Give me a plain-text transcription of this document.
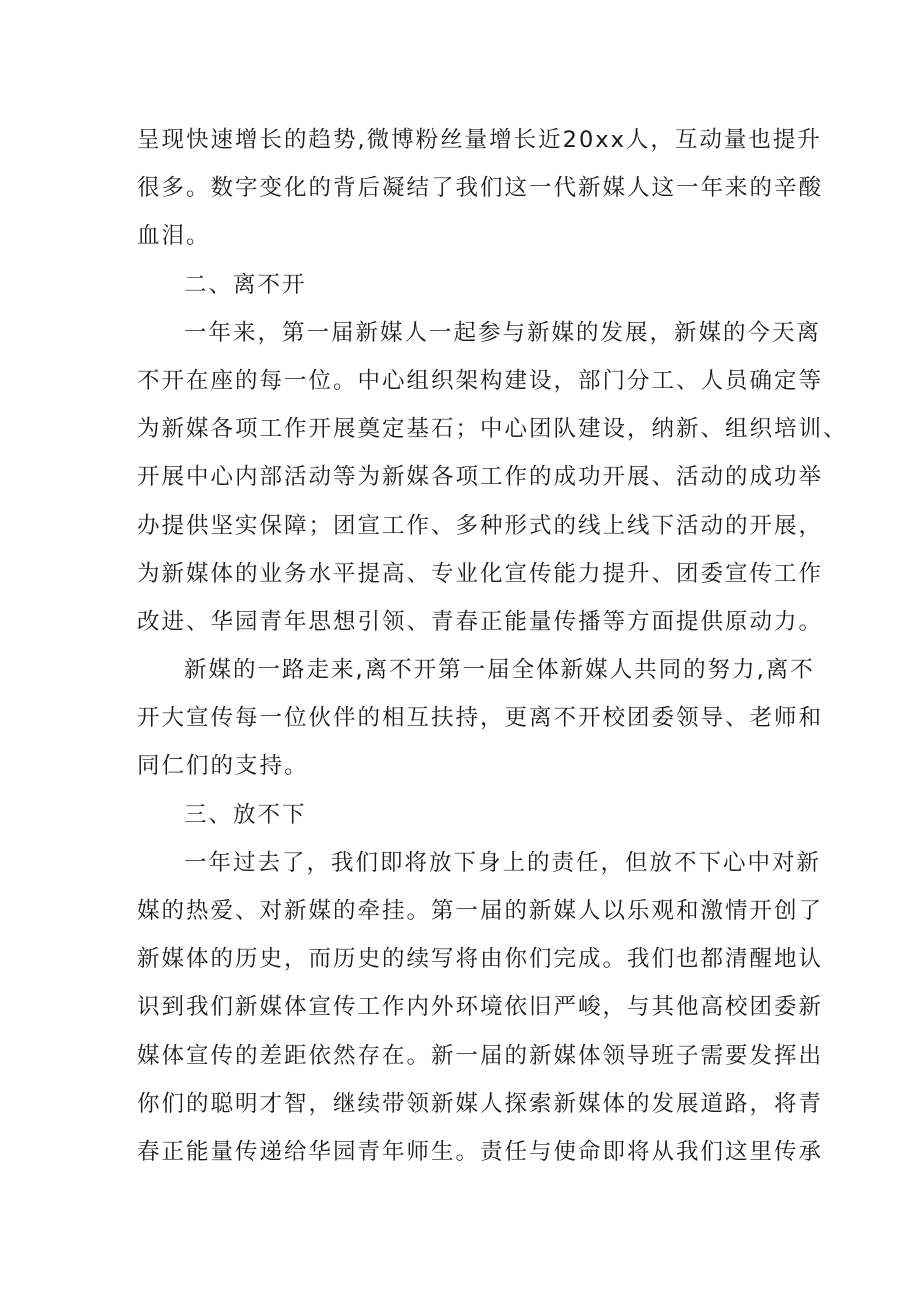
呈现快速增长的趋势,微博粉丝量增长近20xx人，互动量也提升
很多。数字变化的背后凝结了我们这一代新媒人这一年来的辛酸
血泪。
二、离不开
一年来，第一届新媒人一起参与新媒的发展，新媒的今天离
不开在座的每一位。中心组织架构建设，部门分工、人员确定等
为新媒各项工作开展奠定基石；中心团队建设，纳新、组织培训、
开展中心内部活动等为新媒各项工作的成功开展、活动的成功举
办提供坚实保障；团宣工作、多种形式的线上线下活动的开展，
为新媒体的业务水平提高、专业化宣传能力提升、团委宣传工作
改进、华园青年思想引领、青春正能量传播等方面提供原动力。
新媒的一路走来,离不开第一届全体新媒人共同的努力,离不
开大宣传每一位伙伴的相互扶持，更离不开校团委领导、老师和
同仁们的支持。
三、放不下
一年过去了，我们即将放下身上的责任，但放不下心中对新
媒的热爱、对新媒的牵挂。第一届的新媒人以乐观和激情开创了
新媒体的历史，而历史的续写将由你们完成。我们也都清醒地认
识到我们新媒体宣传工作内外环境依旧严峻，与其他高校团委新
媒体宣传的差距依然存在。新一届的新媒体领导班子需要发挥出
你们的聪明才智，继续带领新媒人探索新媒体的发展道路，将青
春正能量传递给华园青年师生。责任与使命即将从我们这里传承
